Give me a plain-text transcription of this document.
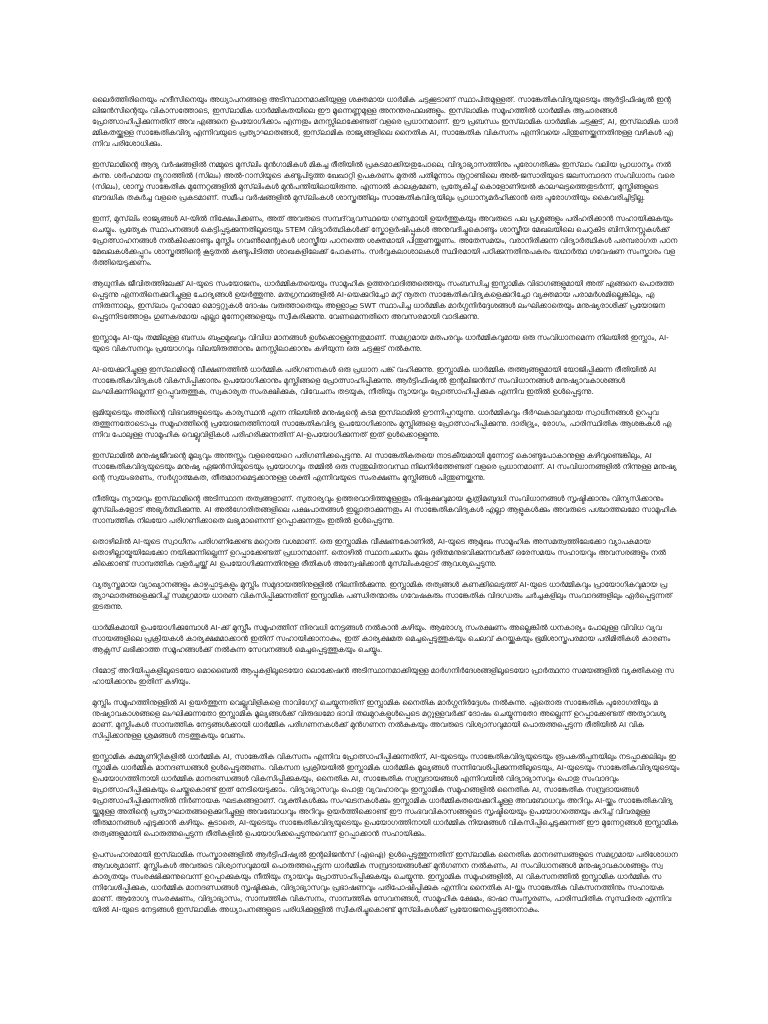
ലൈർത്തിരിനെയും ഹദീസിനെയും അധ്യാപനങ്ങളെ അടിസ്ഥാനമാക്കിയുള്ള ശക്തമായ ധാർമിക ചട്ടക്കൂടാണ് സ്ഥാപിതമുള്ളത്. സാങ്കേതികവിദ്യയുടെയും ആർട്ടിഫിഷ്യൽ ഇന്റലിജൻസിന്റെയും വികാസത്തോടെ, ഇസ്‌ലാമിക ധാർമ്മികതയിലെ ഈ മൂന്നെണ്ണമുള്ള അനന്തരഫലങ്ങളും. ഇസ്‌ലാമിക സമൂഹത്തിൽ ധാർമ്മിക ആചാരങ്ങൾ പ്രോത്സാഹിപ്പിക്കുന്നതിന് അവ എങ്ങനെ ഉപയോഗിക്കാം എന്നതും മനസ്സിലാക്കേണ്ടത് വളരെ പ്രധാനമാണ്. ഈ പ്രബന്ധം ഇസ്‌ലാമിക ധാർമ്മിക ചട്ടക്കൂട്, AI, ഇസ്‌ലാമിക ധാർമ്മികതയ്ക്കുള്ള സാങ്കേതികവിദ്യ എന്നിവയുടെ പ്രത്യാഘാതങ്ങൾ, ഇസ്‌ലാമിക രാജ്യങ്ങളിലെ നൈതിക AI, സാങ്കേതിക വികസനം എന്നിവയെ പിന്തുണയ്ക്കുന്നതിനുള്ള വഴികൾ എന്നിവ പരിശോധിക്കും.

ഇസ്‌ലാമിന്റെ ആദ്യ വർഷങ്ങളിൽ നമ്മുടെ മുസ്‌ലിം മുൻഗാമികൾ മികച്ച രീതിയിൽ പ്രകടമാക്കിയതുപോലെ, വിദ്യാഭ്യാസത്തിനും പുരോഗതിക്കും ഇസ്‌ലാം വലിയ പ്രാധാന്യം നൽകുന്നു. ശർഹമായ ന്യൂറാത്തിൽ (സിലം) അൽ-റാസിയുടെ കണ്ടുപിടുത്ത ഖേഖാറ്റി ഉപകരണം മുതൽ പതിമൂന്നാം നൂറ്റാണ്ടിലെ അൽ-ജസാരിയുടെ ജലസമ്പാദന സംവിധാനം വരെ (സിലം), ശാസ്ത്ര സാങ്കേതിക മുന്നേറ്റങ്ങളിൽ മുസ്‌ലിംകൾ മുൻപന്തിയിലായിരുന്നു. എന്നാൽ കാലക്രമേണ, പ്രത്യേകിച്ച് കൊളോണിയൽ കാലഘട്ടത്തെതുടർന്ന്, മുസ്ലിങ്ങളുടെ ബൗദ്ധിക തകർച്ച വളരെ പ്രകടമാണ്. സമീപ വർഷങ്ങളിൽ മുസ്‌ലിംകൾ ശാസ്ത്രത്തിലും സാങ്കേതികവിദ്യയിലും പ്രാധാന്യമർഹിക്കാൻ ഒരു പുരോഗതിയും കൈവരിച്ചിട്ടില്ല.

ഇന്ന്, മുസ്‌ലിം രാജ്യങ്ങൾ AI-യിൽ നിക്ഷേപിക്കണം, അത് അവരുടെ സമ്പദ്‌വ്യവസ്ഥയെ ഗണ്യമായി ഉയർത്തുകയും അവരുടെ പല പ്രശ്നങ്ങളും പരിഹരിക്കാൻ സഹായിക്കുകയും ചെയ്യും. പ്രത്യേക സ്ഥാപനങ്ങൾ കെട്ടിപ്പടുക്കുന്നതിലൂടെയും STEM വിദ്യാർത്ഥികൾക്ക് സ്കോളർഷിപ്പുകൾ അനുവദിച്ചുകൊണ്ടും ശാസ്ത്രീയ മേഖലയിലെ ചെറുകിട ബിസിനസ്സുകൾക്ക് പ്രോത്സാഹനങ്ങൾ നൽകിക്കൊണ്ടും മുസ്ലിം ഗവൺമെന്റുകൾ ശാസ്ത്രീയ പഠനത്തെ ശക്തമായി പിന്തുണയ്ക്കണം. അതേസമയം, വരാനിരിക്കുന്ന വിദ്യാർത്ഥികൾ പരമ്പരാഗത പഠനമേഖലകൾക്കപ്പുറം ശാസ്ത്രത്തിന്റെ കൂടുതൽ കണ്ടുപിടിത്ത ശാഖകളിലേക്ക് പോകണം. സർവ്വകലാശാലകൾ സ്ഥിരമായി പഠിക്കുന്നതിനുപകരം യഥാർത്ഥ ഗവേഷണ സംസ്കാരം വളർത്തിയെടുക്കണം.

ആധുനിക ജീവിതത്തിലേക്ക് AI-യുടെ സംയോജനം, ധാർമ്മികതയെയും സാമൂഹിക ഉത്തരവാദിത്തത്തെയും സംബന്ധിച്ച ഇസ്ലാമിക വിഭാഗങ്ങളുമായി അത് എങ്ങനെ പൊരുത്തപ്പെടുന്നു എന്നതിനെക്കുറിച്ചുള്ള ചോദ്യങ്ങൾ ഉയർത്തുന്നു. മതഗ്രന്ഥങ്ങളിൽ AI-യെക്കുറിച്ചോ മറ്റ് നൂതന സാങ്കേതികവിദ്യകളെക്കുറിച്ചോ വ്യക്തമായ പരാമർശമില്ലെങ്കിലും, എന്നിരുന്നാലും, ഇസ്‌ലാം റുഹാമോ മൊട്ടറ്റുകൾ ദോഷം വരുത്താതെയും അള്ളാഹു SWT സ്ഥാപിച്ച ധാർമ്മിക മാർഗ്ഗനിർദ്ദേശങ്ങൾ ലംഘിക്കാതെയും മനുഷ്യരാശിക്ക് പ്രയോജനപ്പെടുന്നിടത്തോളം ഗുണകരമായ എല്ലാ മുന്നേറ്റങ്ങളെയും സ്വീകരിക്കുന്നു. വേണമെന്നതിനെ അവസരമായി വാദിക്കുന്നു.

ഇസ്ലാമും AI-യും തമ്മിലുള്ള ബന്ധം ബഹുമുഖവും വിവിധ മാനങ്ങൾ ഉൾക്കൊള്ളുന്നതുമാണ്. സമഗ്രമായ മതപരവും ധാർമ്മികവുമായ ഒരു സംവിധാനമെന്ന നിലയിൽ ഇസ്ലാം, AI-യുടെ വികസനവും പ്രയോഗവും വിലയിരുത്താനും മനസ്സിലാക്കാനും കഴിയുന്ന ഒരു ചട്ടക്കൂട് നൽകുന്നു.

AI-യെക്കുറിച്ചുള്ള ഇസ്‌ലാമിന്റെ വീക്ഷണത്തിൽ ധാർമ്മിക പരിഗണനകൾ ഒരു പ്രധാന പങ്ക് വഹിക്കുന്നു. ഇസ്ലാമിക ധാർമ്മിക തത്ത്വങ്ങളുമായി യോജിപ്പിക്കുന്ന രീതിയിൽ AI സാങ്കേതികവിദ്യകൾ വികസിപ്പിക്കാനും ഉപയോഗിക്കാനും മുസ്ലിങ്ങളെ പ്രോത്സാഹിപ്പിക്കുന്നു. ആർട്ടിഫിഷ്യൽ ഇന്റലിജൻസ് സംവിധാനങ്ങൾ മനുഷ്യാവകാശങ്ങൾ ലംഘിക്കുന്നില്ലെന്ന് ഉറപ്പുവരുത്തുക, സ്വകാര്യത സംരക്ഷിക്കുക, വിവേചനം തടയുക, നീതിയും ന്യായവും പ്രോത്സാഹിപ്പിക്കുക എന്നിവ ഇതിൽ ഉൾപ്പെടുന്നു.

ഭൂമിയുടെയും അതിന്റെ വിഭവങ്ങളുടെയും കാര്യസ്ഥൻ എന്ന നിലയിൽ മനുഷ്യന്റെ കടമ ഇസ്‌ലാമിൽ ഊന്നിപ്പറയുന്നു. ധാർമ്മികവും ദീർഘകാലവുമായ സ്വാധീനങ്ങൾ ഉറപ്പുവരുത്തുന്നതോടൊപ്പം സമൂഹത്തിന്റെ പ്രയോജനത്തിനായി സാങ്കേതികവിദ്യ ഉപയോഗിക്കാനും മുസ്ലിങ്ങളെ പ്രോത്സാഹിപ്പിക്കുന്നു. ദാരിദ്ര്യം, രോഗം, പാരിസ്ഥിതിക ആശങ്കകൾ എന്നിവ പോലുള്ള സാമൂഹിക വെല്ലുവിളികൾ പരിഹരിക്കുന്നതിന് AI-ഉപയോഗിക്കുന്നത് ഇത് ഉൾക്കൊള്ളുന്നു.

ഇസ്‌ലാമിൽ മനുഷ്യജീവന്റെ മൂല്യവും അന്തസ്സും വളരെയേറെ പരിഗണിക്കപ്പെടുന്നു. AI സാങ്കേതികതയെ നാടകീയമായി മുന്നോട്ട് കൊണ്ടുപോകാനുള്ള കഴിവുണ്ടെങ്കിലും, AI സാങ്കേതികവിദ്യയുടെയും മനുഷ്യ ഏജൻസിയുടെയും പ്രയോഗവും തമ്മിൽ ഒരു സന്തുലിതാവസ്ഥ നിലനിർത്തേണ്ടത് വളരെ പ്രധാനമാണ്. AI സംവിധാനങ്ങളിൽ നിന്നുള്ള മനുഷ്യന്റെ സ്വയംഭരണം, സർഗ്ഗാത്മകത, തീരുമാനമെടുക്കാനുള്ള ശക്തി എന്നിവയുടെ സംരക്ഷണം മുസ്ലിങ്ങൾ പിന്തുണയ്ക്കുന്നു.

നീതിയും ന്യായവും ഇസ്‌ലാമിന്റെ അടിസ്ഥാന തത്വങ്ങളാണ്. സുതാര്യവും ഉത്തരവാദിത്തമുള്ളതും നിഷ്പക്ഷവുമായ കൃത്രിമബുദ്ധി സംവിധാനങ്ങൾ സൃഷ്ടിക്കാനും വിന്യസിക്കാനും മുസ്‌ലിംകളോട് അഭ്യർത്ഥിക്കുന്നു. AI അൽഗോരിതങ്ങളിലെ പക്ഷപാതങ്ങൾ ഇല്ലാതാക്കുന്നതും AI സാങ്കേതികവിദ്യകൾ എല്ലാ ആളുകൾക്കും അവരുടെ പശ്ചാത്തലമോ സാമൂഹിക സാമ്പത്തിക നിലയോ പരിഗണിക്കാതെ ലഭ്യമാണെന്ന് ഉറപ്പാക്കുന്നതും ഇതിൽ ഉൾപ്പെടുന്നു.

തൊഴിലിൽ AI-യുടെ സ്വാധീനം പരിഗണിക്കേണ്ട മറ്റൊരു വശമാണ്. ഒരു ഇസ്ലാമിക വീക്ഷണകോണിൽ, AI-യുടെ ആമുഖം സാമൂഹിക അസമത്വത്തിലേക്കോ വ്യാപകമായ തൊഴില്ലായ്മയിലേക്കോ നയിക്കുന്നില്ലെന്ന് ഉറപ്പാക്കേണ്ടത് പ്രധാനമാണ്. തൊഴിൽ സ്ഥാനചലനം മൂലം ദുരിതമനുഭവിക്കുന്നവർക്ക് ഒരേസമയം സഹായവും അവസരങ്ങളും നൽകിക്കൊണ്ട് സാമ്പത്തിക വളർച്ചയ്ക്ക് AI ഉപയോഗിക്കുന്നതിനുള്ള രീതികൾ അന്വേഷിക്കാൻ മുസ്‌ലിംകളോട് ആവശ്യപ്പെടുന്നു.

വ്യത്യസ്തമായ വ്യാഖ്യാനങ്ങളും കാഴ്ചപ്പാടുകളും മുസ്ലിം സമുദായത്തിനുള്ളിൽ നിലനിൽക്കുന്നു. ഇസ്ലാമിക തത്വങ്ങൾ കണക്കിലെടുത്ത് AI-യുടെ ധാർമ്മികവും പ്രായോഗികവുമായ പ്രത്യാഘാതങ്ങളെക്കുറിച്ച് സമഗ്രമായ ധാരണ വികസിപ്പിക്കുന്നതിന് ഇസ്ലാമിക പണ്ഡിതന്മാരും ഗവേഷകരും സാങ്കേതിക വിദഗ്ധരും ചർച്ചകളിലും സംവാദങ്ങളിലും ഏർപ്പെടുന്നത് തുടരുന്നു.

ധാർമികമായി ഉപയോഗിക്കുമ്പോൾ AI-ക്ക് മുസ്ലീം സമൂഹത്തിന് നിരവധി നേട്ടങ്ങൾ നൽകാൻ കഴിയും. ആരോഗ്യ സംരക്ഷണം അല്ലെങ്കിൽ ധനകാര്യം പോലുള്ള വിവിധ വ്യവസായങ്ങളിലെ പ്രക്രിയകൾ കാര്യക്ഷമമാക്കാൻ ഇതിന് സഹായിക്കാനാകും, ഇത് കാര്യക്ഷമത മെച്ചപ്പെടുത്തുകയും ചെലവ് കുറയ്ക്കുകയും ഭൂമിശാസ്ത്രപരമായ പരിമിതികൾ കാരണം ആക്സസ് ലഭിക്കാത്ത സമൂഹങ്ങൾക്ക് നൽകുന്ന സേവനങ്ങൾ മെച്ചപ്പെടുത്തുകയും ചെയ്യും.

റിമോട്ട് അറിയിപ്പുകളിലൂടെയോ മൊബൈൽ ആപ്പുകളിലൂടെയോ ലൊക്കേഷൻ അടിസ്ഥാനമാക്കിയുള്ള മാർഗനിർദേശങ്ങളിലൂടെയോ പ്രാർത്ഥനാ സമയങ്ങളിൽ വ്യക്തികളെ സഹായിക്കാനും ഇതിന് കഴിയും.

മുസ്ലിം സമൂഹത്തിനുള്ളിൽ AI ഉയർത്തുന്ന വെല്ലുവിളികളെ നാവിഗേറ്റ് ചെയ്യുന്നതിന് ഇസ്ലാമിക നൈതിക മാർഗ്ഗനിർദ്ദേശം നൽകുന്നു. ഏതൊരു സാങ്കേതിക പുരോഗതിയും മനുഷ്യാവകാശങ്ങളെ ലംഘിക്കുന്നതോ ഇസ്ലാമിക മൂല്യങ്ങൾക്ക് വിരുദ്ധമോ ഭാവി തലമുറകളുൾപ്പെടെ മറ്റുള്ളവർക്ക് ദോഷം ചെയ്യുന്നതോ അല്ലെന്ന് ഉറപ്പാക്കേണ്ടത് അത്യാവശ്യമാണ്. മുസ്ലിംകൾ സാമ്പത്തിക നേട്ടങ്ങൾക്കായി ധാർമ്മിക പരിഗണനകൾക്ക് മുൻഗണന നൽകുകയും അവരുടെ വിശ്വാസവുമായി പൊരുത്തപ്പെടുന്ന രീതിയിൽ AI വികസിപ്പിക്കാനുള്ള ശ്രമങ്ങൾ നടത്തുകയും വേണം.

ഇസ്ലാമിക കമ്മ്യൂണിറ്റികളിൽ ധാർമ്മിക AI, സാങ്കേതിക വികസനം എന്നിവ പ്രോത്സാഹിപ്പിക്കുന്നതിന്, AI-യുടെയും സാങ്കേതികവിദ്യയുടെയും രൂപകൽപ്പനയിലും നടപ്പാക്കലിലും ഇസ്ലാമിക ധാർമ്മിക മാനദണ്ഡങ്ങൾ ഉൾപ്പെടുത്തണം. വികസന പ്രക്രിയയിൽ ഇസ്ലാമിക ധാർമ്മിക മൂല്യങ്ങൾ സന്നിവേശിപ്പിക്കുന്നതിലൂടെയും, AI-യുടെയും സാങ്കേതികവിദ്യയുടെയും ഉപയോഗത്തിനായി ധാർമ്മിക മാനദണ്ഡങ്ങൾ വികസിപ്പിക്കുകയും, നൈതിക AI, സാങ്കേതിക സമ്പ്രദായങ്ങൾ എന്നിവയിൽ വിദ്യാഭ്യാസവും പൊതു സംവാദവും പ്രോത്സാഹിപ്പിക്കുകയും ചെയ്തുകൊണ്ട് ഇത് നേടിയെടുക്കാം. വിദ്യാഭ്യാസവും പൊതു വ്യവഹാരവും ഇസ്ലാമിക സമൂഹങ്ങളിൽ നൈതിക AI, സാങ്കേതിക സമ്പ്രദായങ്ങൾ പ്രോത്സാഹിപ്പിക്കുന്നതിൽ നിർണായക ഘടകങ്ങളാണ്. വ്യക്തികൾക്കും സംഘടനകൾക്കും ഇസ്ലാമിക ധാർമ്മികതയെക്കുറിച്ചുള്ള അവബോധവും അറിവും AI-യ്ക്കും സാങ്കേതികവിദ്യയ്ക്കുമുള്ള അതിന്റെ പ്രത്യാഘാതങ്ങളെക്കുറിച്ചുള്ള അവബോധവും അറിവും ഉയർത്തിക്കൊണ്ട് ഈ സംഭവവികാസങ്ങളുടെ സൃഷ്ടിയെയും ഉപയോഗത്തെയും കുറിച്ച് വിവരമുള്ള തീരുമാനങ്ങൾ എടുക്കാൻ കഴിയും. കൂടാതെ, AI-യുടെയും സാങ്കേതികവിദ്യയുടെയും ഉപയോഗത്തിനായി ധാർമ്മിക നിയമങ്ങൾ വികസിപ്പിച്ചെടുക്കുന്നത് ഈ മുന്നേറ്റങ്ങൾ ഇസ്ലാമിക തത്വങ്ങളുമായി പൊരുത്തപ്പെടുന്ന രീതികളിൽ ഉപയോഗിക്കപ്പെടുന്നുവെന്ന് ഉറപ്പാക്കാൻ സഹായിക്കും.

ഉപസംഹാരമായി ഇസ്‌ലാമിക സംസ്കാരങ്ങളിൽ ആർട്ടിഫിഷ്യൽ ഇന്റലിജൻസ് (എഐ) ഉൾപ്പെടുത്തുന്നതിന് ഇസ്‌ലാമിക നൈതിക മാനദണ്ഡങ്ങളുടെ സമഗ്രമായ പരിശോധന ആവശ്യമാണ്. മുസ്ലിംകൾ അവരുടെ വിശ്വാസവുമായി പൊരുത്തപ്പെടുന്ന ധാർമ്മിക സമ്പ്രദായങ്ങൾക്ക് മുൻഗണന നൽകണം, AI സംവിധാനങ്ങൾ മനുഷ്യാവകാശങ്ങളും സ്വകാര്യതയും സംരക്ഷിക്കുന്നുവെന്ന് ഉറപ്പാക്കുകയും നീതിയും ന്യായവും പ്രോത്സാഹിപ്പിക്കുകയും ചെയ്യുന്നു. ഇസ്ലാമിക സമൂഹങ്ങളിൽ, AI വികസനത്തിൽ ഇസ്ലാമിക ധാർമ്മിക സന്നിവേശിപ്പിക്കുക, ധാർമ്മിക മാനദണ്ഡങ്ങൾ സൃഷ്ടിക്കുക, വിദ്യാഭ്യാസവും പ്രഭാഷണവും പരിപോഷിപ്പിക്കുക എന്നിവ നൈതിക AI-യ്ക്കും സാങ്കേതിക വികസനത്തിനും സഹായകമാണ്. ആരോഗ്യ സംരക്ഷണം, വിദ്യാഭ്യാസം, സാമ്പത്തിക വികസനം, സാമ്പത്തിക സേവനങ്ങൾ, സാമൂഹിക ക്ഷേമം, ഭാഷാ സംസ്കരണം, പാരിസ്ഥിതിക സുസ്ഥിരത എന്നിവയിൽ AI-യുടെ നേട്ടങ്ങൾ ഇസ്‌ലാമിക അധ്യാപനങ്ങളുടെ പരിധിക്കുള്ളിൽ സ്വീകരിച്ചുകൊണ്ട് മുസ്‌ലിംകൾക്ക് പ്രയോജനപ്പെടുത്താനാകും.
